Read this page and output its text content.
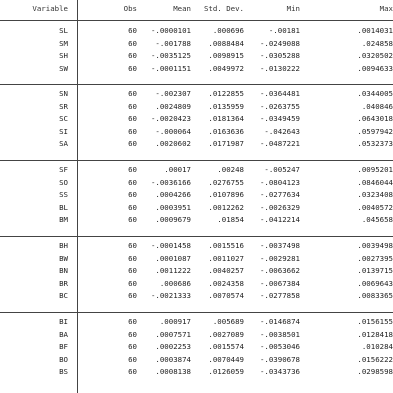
Variable	Obs	Mean	Std. Dev.	Min	Max
SL	60	-.0000101	.000696	-.00181	.0014031
SM	60	-.001788	.0088484	-.0249088	.024858
SH	60	-.0035125	.0098915	-.0305288	.0320502
SW	60	-.0001151	.0049972	-.0130222	.0094633
SN	60	-.002307	.0122855	-.0364481	.0344005
SR	60	.0024809	.0135959	-.0263755	.040846
SC	60	-.0020423	.0181364	-.0349459	.0643018
SI	60	-.000064	.0163636	-.042643	.0597942
SA	60	.0020602	.0171987	-.0487221	.0532373
SF	60	.00017	.00248	-.005247	.0095201
SO	60	-.0036166	.0276755	-.0804123	.0846044
SS	60	.0004266	.0107896	-.0277634	.0323408
BL	60	.0003951	.0012262	-.0026329	.0040572
BM	60	.0009679	.01854	-.0412214	.045658
BH	60	-.0001458	.0015516	-.0037498	.0039498
BW	60	.0001087	.0011027	-.0029281	.0027395
BN	60	.0011222	.0040257	-.0063662	.0139715
BR	60	.000686	.0024358	-.0067384	.0069643
BC	60	-.0021333	.0070574	-.0277858	.0083365
BI	60	.000917	.005689	-.0146874	.0156155
BA	60	.0007571	.0027089	-.0038501	.0128418
BF	60	.0002253	.0015574	-.0053046	.010284
BO	60	.0003874	.0070449	-.0390678	.0156222
BS	60	.0008138	.0126059	-.0343736	.0298598
